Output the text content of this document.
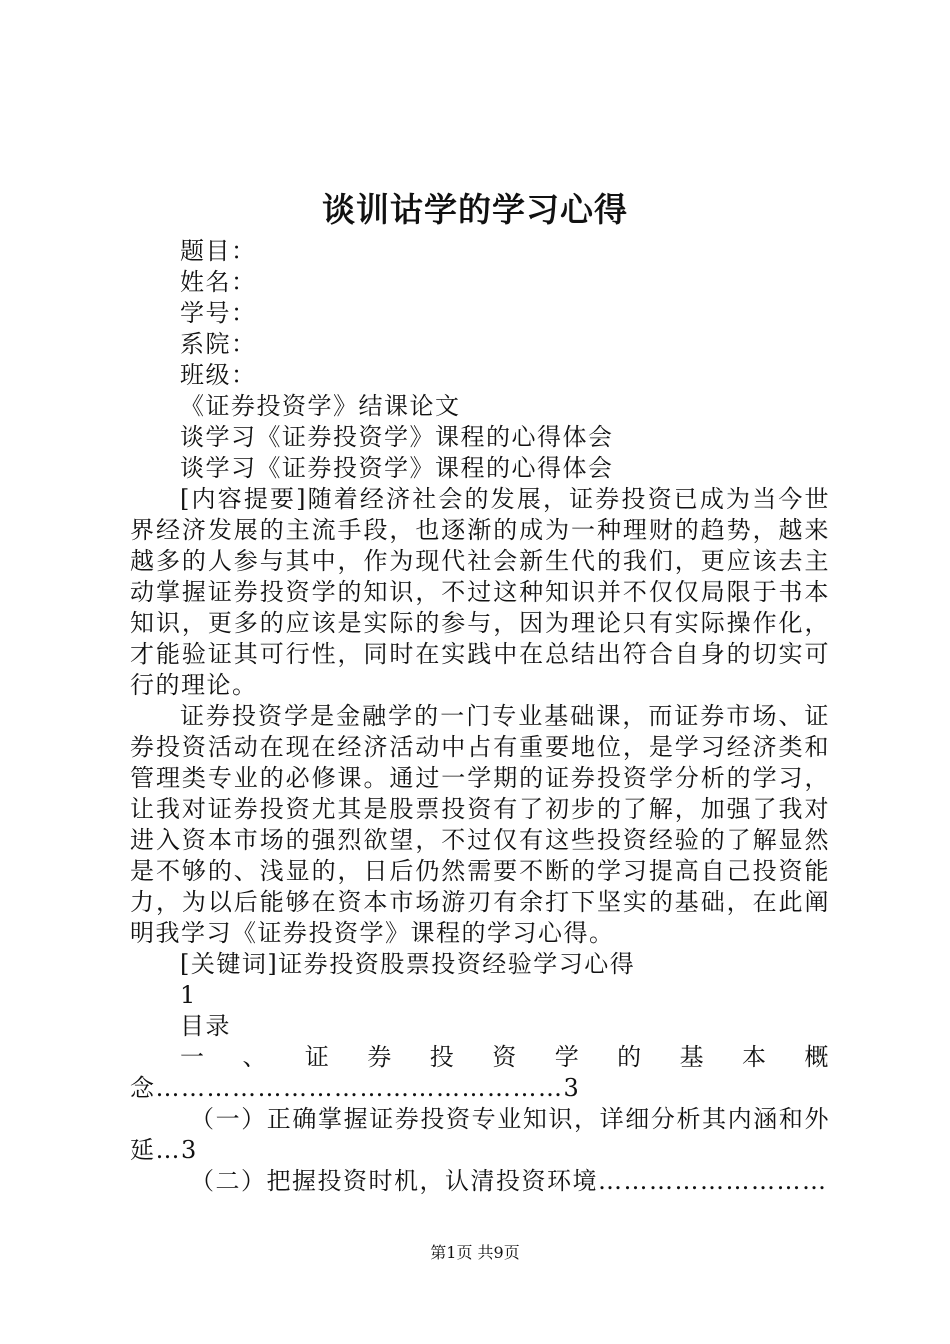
谈训诂学的学习心得

题目：

姓名：

学号：

系院：

班级：

《证券投资学》结课论文

谈学习《证券投资学》课程的心得体会

谈学习《证券投资学》课程的心得体会

[内容提要]随着经济社会的发展，证券投资已成为当今世界经济发展的主流手段，也逐渐的成为一种理财的趋势，越来越多的人参与其中，作为现代社会新生代的我们，更应该去主动掌握证券投资学的知识，不过这种知识并不仅仅局限于书本知识，更多的应该是实际的参与，因为理论只有实际操作化，才能验证其可行性，同时在实践中在总结出符合自身的切实可行的理论。

证券投资学是金融学的一门专业基础课，而证券市场、证券投资活动在现在经济活动中占有重要地位，是学习经济类和管理类专业的必修课。通过一学期的证券投资学分析的学习，让我对证券投资尤其是股票投资有了初步的了解，加强了我对进入资本市场的强烈欲望，不过仅有这些投资经验的了解显然是不够的、浅显的，日后仍然需要不断的学习提高自己投资能力，为以后能够在资本市场游刃有余打下坚实的基础，在此阐明我学习《证券投资学》课程的学习心得。

[关键词]证券投资股票投资经验学习心得

1

目录

一、证券投资学的基本概念…………………………………………3

（一）正确掌握证券投资专业知识，详细分析其内涵和外延…3

（二）把握投资时机，认清投资环境………………………

第1页 共9页
